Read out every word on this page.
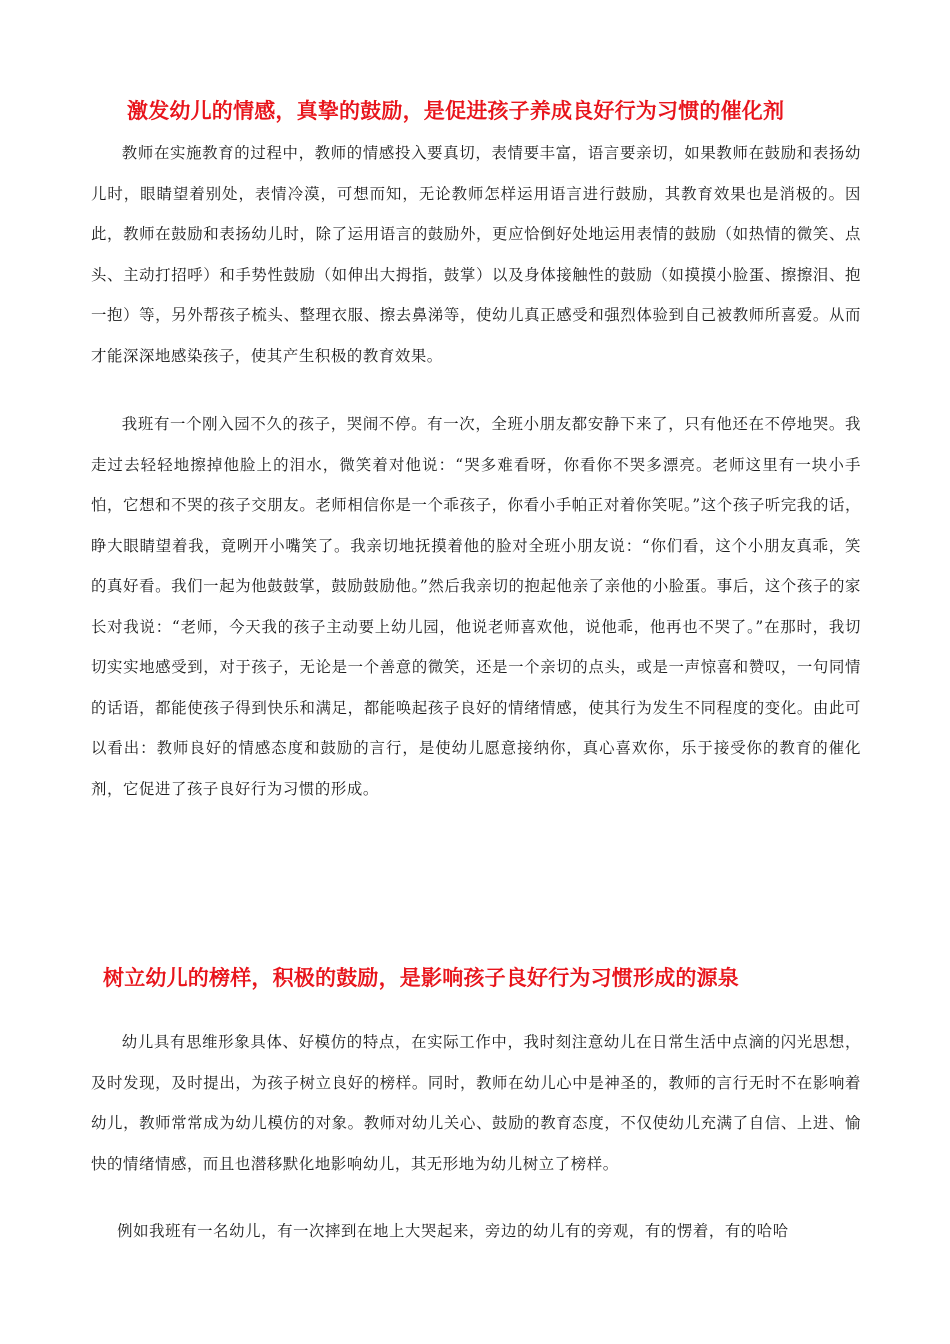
激发幼儿的情感，真挚的鼓励，是促进孩子养成良好行为习惯的催化剂

教师在实施教育的过程中，教师的情感投入要真切，表情要丰富，语言要亲切，如果教师在鼓励和表扬幼儿时，眼睛望着别处，表情冷漠，可想而知，无论教师怎样运用语言进行鼓励，其教育效果也是消极的。因此，教师在鼓励和表扬幼儿时，除了运用语言的鼓励外，更应恰倒好处地运用表情的鼓励（如热情的微笑、点头、主动打招呼）和手势性鼓励（如伸出大拇指，鼓掌）以及身体接触性的鼓励（如摸摸小脸蛋、擦擦泪、抱一抱）等，另外帮孩子梳头、整理衣服、擦去鼻涕等，使幼儿真正感受和强烈体验到自己被教师所喜爱。从而才能深深地感染孩子，使其产生积极的教育效果。

我班有一个刚入园不久的孩子，哭闹不停。有一次，全班小朋友都安静下来了，只有他还在不停地哭。我走过去轻轻地擦掉他脸上的泪水，微笑着对他说：“哭多难看呀，你看你不哭多漂亮。老师这里有一块小手怕，它想和不哭的孩子交朋友。老师相信你是一个乖孩子，你看小手帕正对着你笑呢。”这个孩子听完我的话，睁大眼睛望着我，竟咧开小嘴笑了。我亲切地抚摸着他的脸对全班小朋友说：“你们看，这个小朋友真乖，笑的真好看。我们一起为他鼓鼓掌，鼓励鼓励他。”然后我亲切的抱起他亲了亲他的小脸蛋。事后，这个孩子的家长对我说：“老师，今天我的孩子主动要上幼儿园，他说老师喜欢他，说他乖，他再也不哭了。”在那时，我切切实实地感受到，对于孩子，无论是一个善意的微笑，还是一个亲切的点头，或是一声惊喜和赞叹，一句同情的话语，都能使孩子得到快乐和满足，都能唤起孩子良好的情绪情感，使其行为发生不同程度的变化。由此可以看出：教师良好的情感态度和鼓励的言行，是使幼儿愿意接纳你，真心喜欢你，乐于接受你的教育的催化剂，它促进了孩子良好行为习惯的形成。

树立幼儿的榜样，积极的鼓励，是影响孩子良好行为习惯形成的源泉

幼儿具有思维形象具体、好模仿的特点，在实际工作中，我时刻注意幼儿在日常生活中点滴的闪光思想，及时发现，及时提出，为孩子树立良好的榜样。同时，教师在幼儿心中是神圣的，教师的言行无时不在影响着幼儿，教师常常成为幼儿模仿的对象。教师对幼儿关心、鼓励的教育态度，不仅使幼儿充满了自信、上进、愉快的情绪情感，而且也潜移默化地影响幼儿，其无形地为幼儿树立了榜样。

例如我班有一名幼儿，有一次摔到在地上大哭起来，旁边的幼儿有的旁观，有的愣着，有的哈哈
